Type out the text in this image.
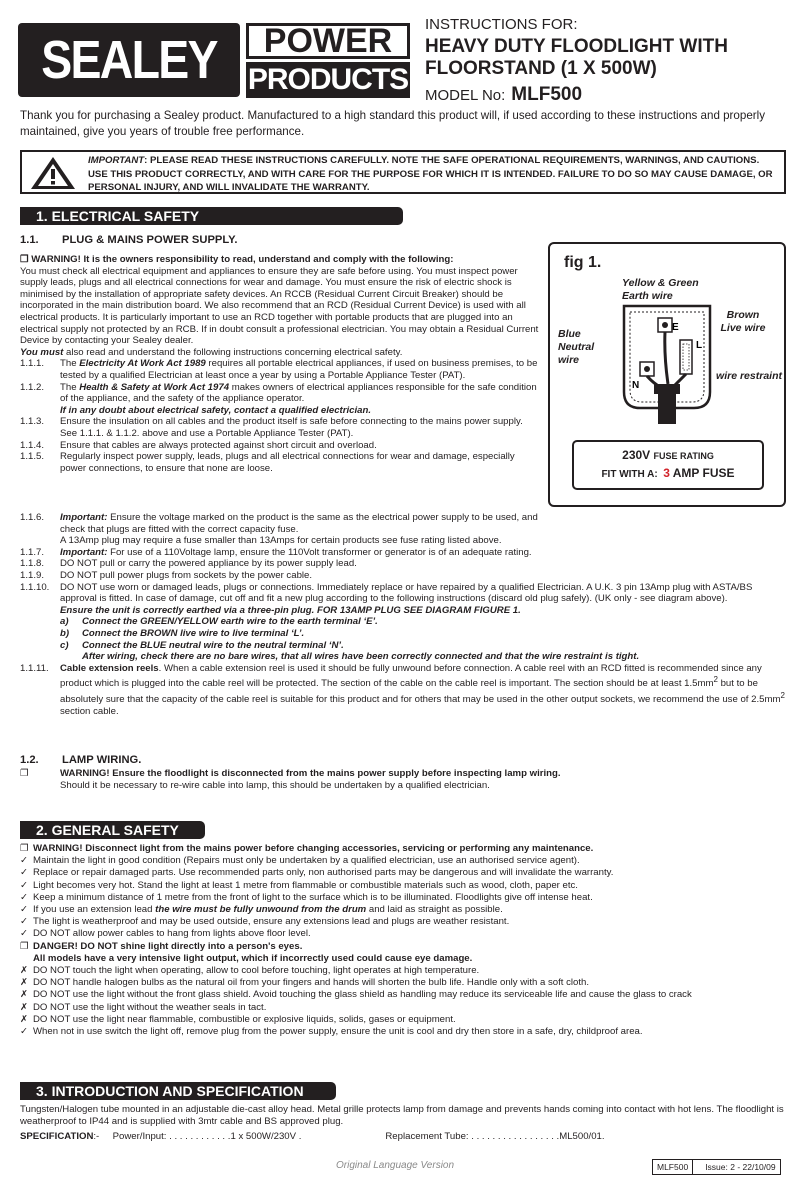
SEALEY	POWER
PRODUCTS
INSTRUCTIONS FOR:
HEAVY DUTY FLOODLIGHT WITH
FLOORSTAND (1 X 500W)
MODEL No: MLF500
Thank you for purchasing a Sealey product. Manufactured to a high standard this product will, if used according to these instructions and properly maintained, give you years of trouble free performance.

IMPORTANT: PLEASE READ THESE INSTRUCTIONS CAREFULLY. NOTE THE SAFE OPERATIONAL REQUIREMENTS, WARNINGS, AND CAUTIONS. USE THIS PRODUCT CORRECTLY, AND WITH CARE FOR THE PURPOSE FOR WHICH IT IS INTENDED. FAILURE TO DO SO MAY CAUSE DAMAGE, OR PERSONAL INJURY, AND WILL INVALIDATE THE WARRANTY.

1. ELECTRICAL SAFETY
1.1. PLUG & MAINS POWER SUPPLY.

❐ WARNING! It is the owners responsibility to read, understand and comply with the following:

You must check all electrical equipment and appliances to ensure they are safe before using. You must inspect power supply leads, plugs and all electrical connections for wear and damage. You must ensure the risk of electric shock is minimised by the installation of appropriate safety devices. An RCCB (Residual Current Circuit Breaker) should be incorporated in the main distribution board. We also recommend that an RCD (Residual Current Device) is used with all electrical products. It is particularly important to use an RCD together with portable products that are plugged into an electrical supply not protected by an RCB. If in doubt consult a professional electrician. You may obtain a Residual Current Device by contacting your Sealey dealer.

You must also read and understand the following instructions concerning electrical safety.

1.1.1.	The Electricity At Work Act 1989 requires all portable electrical appliances, if used on business premises, to be tested by a qualified Electrician at least once a year by using a Portable Appliance Tester (PAT).
1.1.2.	The Health & Safety at Work Act 1974 makes owners of electrical appliances responsible for the safe condition of the appliance, and the safety of the appliance operator.
If in any doubt about electrical safety, contact a qualified electrician.
1.1.3.	Ensure the insulation on all cables and the product itself is safe before connecting to the mains power supply. See 1.1.1. & 1.1.2. above and use a Portable Appliance Tester (PAT).
1.1.4.	Ensure that cables are always protected against short circuit and overload.
1.1.5.	Regularly inspect power supply, leads, plugs and all electrical connections for wear and damage, especially power connections, to ensure that none are loose.
1.1.6.	Important: Ensure the voltage marked on the product is the same as the electrical power supply to be used, and check that plugs are fitted with the correct capacity fuse.
A 13Amp plug may require a fuse smaller than 13Amps for certain products see fuse rating listed above.
1.1.7.	Important: For use of a 110Voltage lamp, ensure the 110Volt transformer or generator is of an adequate rating.
1.1.8.	DO NOT pull or carry the powered appliance by its power supply lead.
1.1.9.	DO NOT pull power plugs from sockets by the power cable.
1.1.10.	DO NOT use worn or damaged leads, plugs or connections. Immediately replace or have repaired by a qualified Electrician. A U.K. 3 pin 13Amp plug with ASTA/BS approval is fitted. In case of damage, cut off and fit a new plug according to the following instructions (discard old plug safely). (UK only - see diagram above).
Ensure the unit is correctly earthed via a three-pin plug. FOR 13AMP PLUG SEE DIAGRAM FIGURE 1.
a) Connect the GREEN/YELLOW earth wire to the earth terminal ‘E’.
b) Connect the BROWN live wire to live terminal ‘L’.
c) Connect the BLUE neutral wire to the neutral terminal ‘N’.
After wiring, check there are no bare wires, that all wires have been correctly connected and that the wire restraint is tight.
1.1.11.	Cable extension reels. When a cable extension reel is used it should be fully unwound before connection. A cable reel with an RCD fitted is recommended since any product which is plugged into the cable reel will be protected. The section of the cable on the cable reel is important. The section should be at least $1.5mm^2$ but to be absolutely sure that the capacity of the cable reel is suitable for this product and for others that may be used in the other output sockets, we recommend the use of $2.5mm^2$ section cable.
1.2. LAMP WIRING.
❐	WARNING! Ensure the floodlight is disconnected from the mains power supply before inspecting lamp wiring.
Should it be necessary to re-wire cable into lamp, this should be undertaken by a qualified electrician.
fig 1.
Yellow & Green Earth wire
Brown Live wire
Blue Neutral wire
wire restraint
E
L
N
230V FUSE RATING
FIT WITH A: 3 AMP FUSE
2. GENERAL SAFETY
❐ WARNING! Disconnect light from the mains power before changing accessories, servicing or performing any maintenance.
✓ Maintain the light in good condition (Repairs must only be undertaken by a qualified electrician, use an authorised service agent).
✓ Replace or repair damaged parts. Use recommended parts only, non authorised parts may be dangerous and will invalidate the warranty.
✓ Light becomes very hot. Stand the light at least 1 metre from flammable or combustible materials such as wood, cloth, paper etc.
✓ Keep a minimum distance of 1 metre from the front of light to the surface which is to be illuminated. Floodlights give off intense heat.
✓ If you use an extension lead the wire must be fully unwound from the drum and laid as straight as possible.
✓ The light is weatherproof and may be used outside, ensure any extensions lead and plugs are weather resistant.
✓ DO NOT allow power cables to hang from lights above floor level.
❐ DANGER! DO NOT shine light directly into a person's eyes.
All models have a very intensive light output, which if incorrectly used could cause eye damage.
✗ DO NOT touch the light when operating, allow to cool before touching, light operates at high temperature.
✗ DO NOT handle halogen bulbs as the natural oil from your fingers and hands will shorten the bulb life. Handle only with a soft cloth.
✗ DO NOT use the light without the front glass shield. Avoid touching the glass shield as handling may reduce its serviceable life and cause the glass to crack
✗ DO NOT use the light without the weather seals in tact.
✗ DO NOT use the light near flammable, combustible or explosive liquids, solids, gases or equipment.
✓ When not in use switch the light off, remove plug from the power supply, ensure the unit is cool and dry then store in a safe, dry, childproof area.
3. INTRODUCTION AND SPECIFICATION

Tungsten/Halogen tube mounted in an adjustable die-cast alloy head. Metal grille protects lamp from damage and prevents hands coming into contact with hot lens. The floodlight is weatherproof to IP44 and is supplied with 3mtr cable and BS approved plug.

SPECIFICATION:- Power/Input: . . . . . . . . . . . .1 x 500W/230V .	Replacement Tube: . . . . . . . . . . . . . . . . .ML500/01.

Original Language Version	MLF500	Issue: 2 - 22/10/09
